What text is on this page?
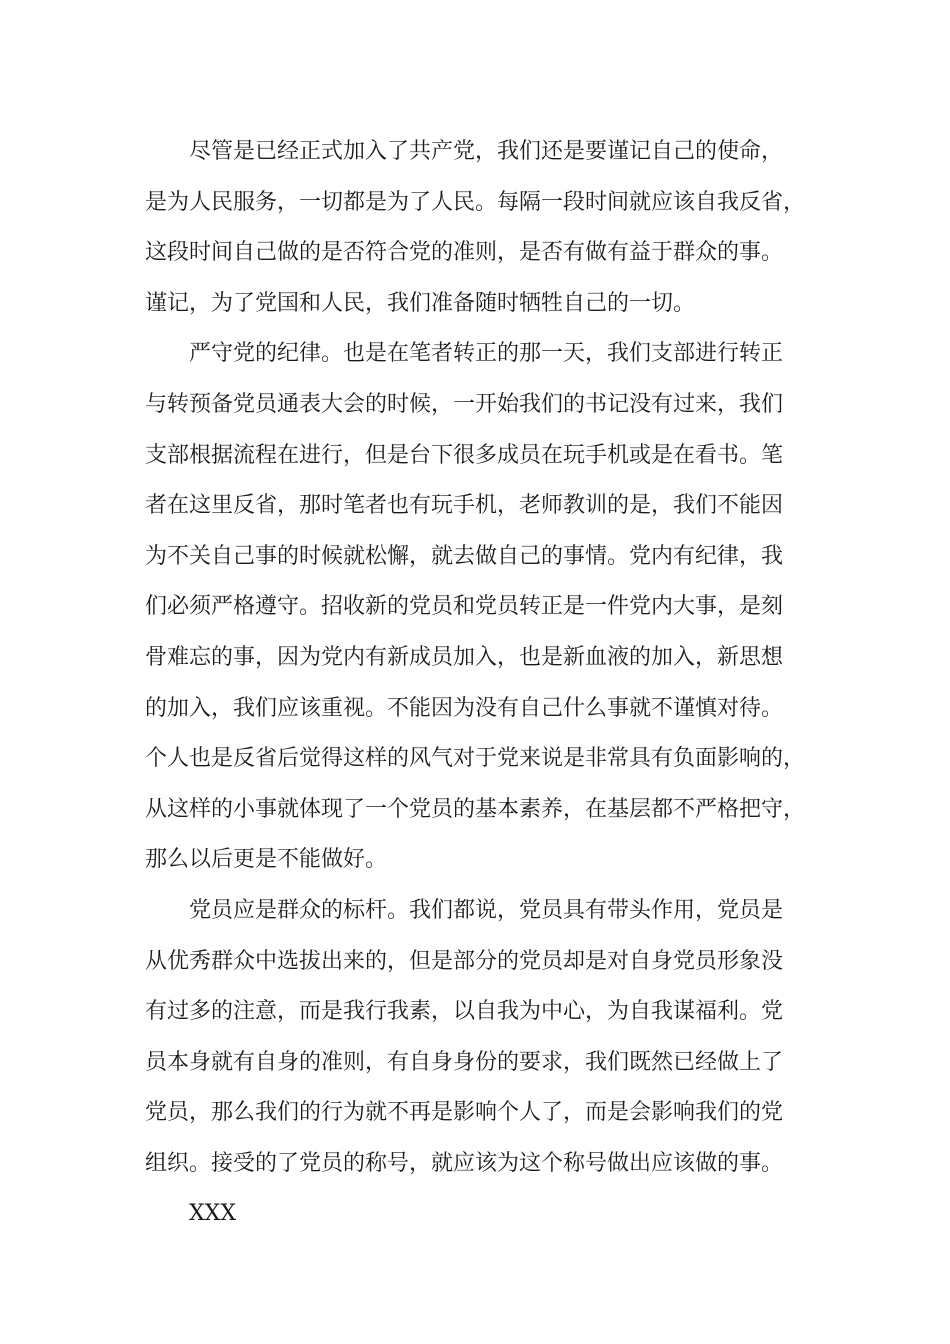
尽管是已经正式加入了共产党，我们还是要谨记自己的使命，
是为人民服务，一切都是为了人民。每隔一段时间就应该自我反省，
这段时间自己做的是否符合党的准则，是否有做有益于群众的事。
谨记，为了党国和人民，我们准备随时牺牲自己的一切。
严守党的纪律。也是在笔者转正的那一天，我们支部进行转正
与转预备党员通表大会的时候，一开始我们的书记没有过来，我们
支部根据流程在进行，但是台下很多成员在玩手机或是在看书。笔
者在这里反省，那时笔者也有玩手机，老师教训的是，我们不能因
为不关自己事的时候就松懈，就去做自己的事情。党内有纪律，我
们必须严格遵守。招收新的党员和党员转正是一件党内大事，是刻
骨难忘的事，因为党内有新成员加入，也是新血液的加入，新思想
的加入，我们应该重视。不能因为没有自己什么事就不谨慎对待。
个人也是反省后觉得这样的风气对于党来说是非常具有负面影响的，
从这样的小事就体现了一个党员的基本素养，在基层都不严格把守，
那么以后更是不能做好。
党员应是群众的标杆。我们都说，党员具有带头作用，党员是
从优秀群众中选拔出来的，但是部分的党员却是对自身党员形象没
有过多的注意，而是我行我素，以自我为中心，为自我谋福利。党
员本身就有自身的准则，有自身身份的要求，我们既然已经做上了
党员，那么我们的行为就不再是影响个人了，而是会影响我们的党
组织。接受的了党员的称号，就应该为这个称号做出应该做的事。
XXX
